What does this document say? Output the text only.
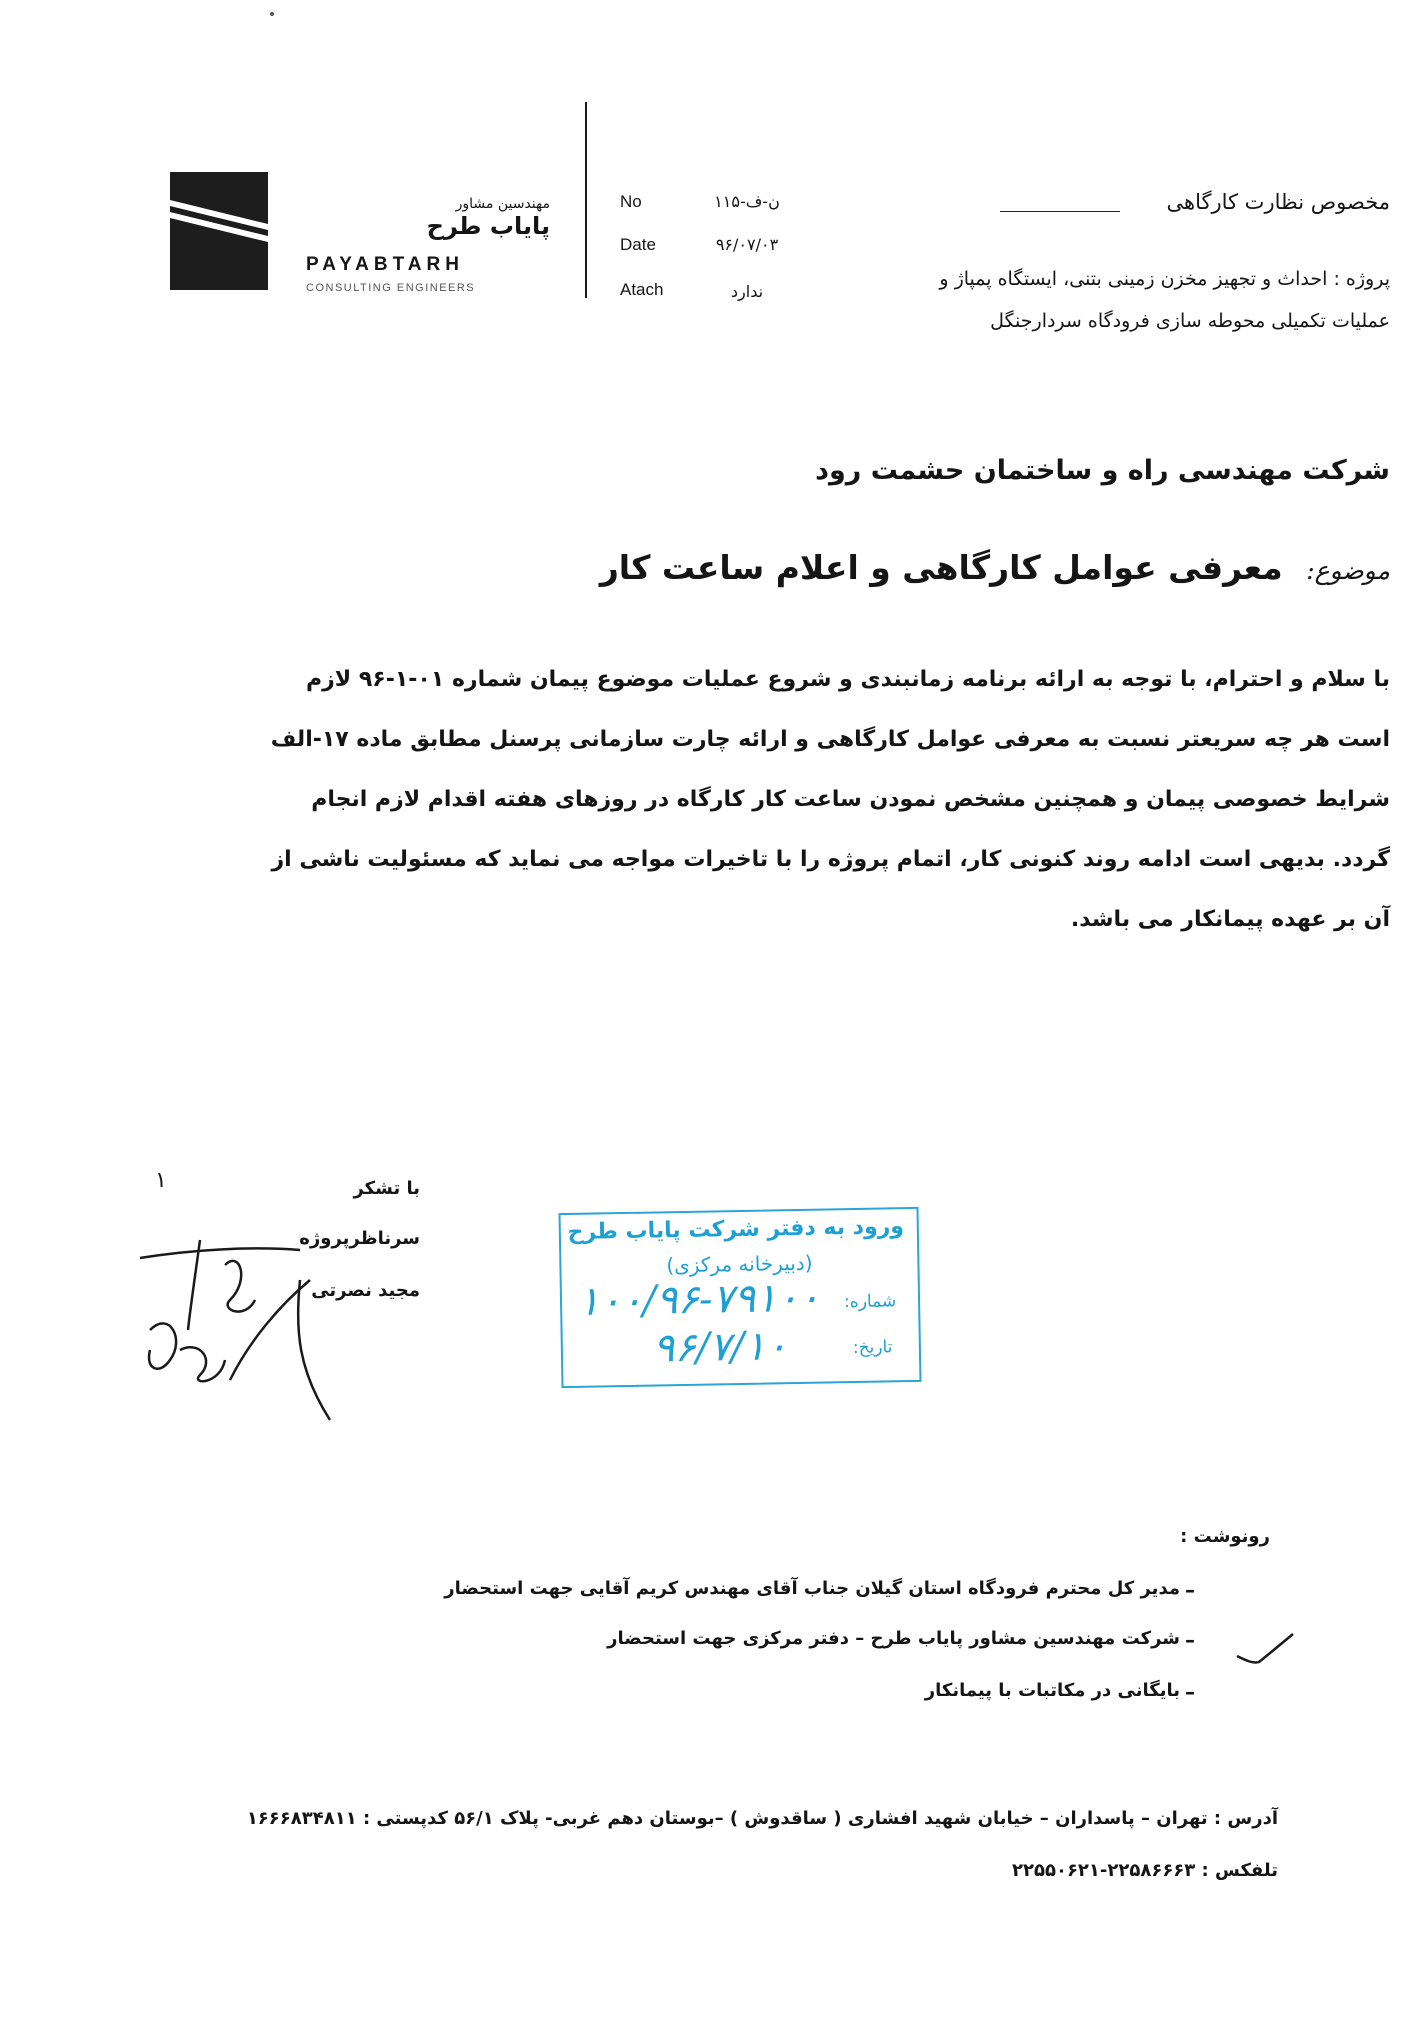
مهندسین مشاور
پایاب طرح
PAYABTARH
CONSULTING ENGINEERS
No	ن-ف-۱۱۵
Date	۹۶/۰۷/۰۳
Atach	ندارد
مخصوص نظارت کارگاهی
پروژه : احداث و تجهیز مخزن زمینی بتنی، ایستگاه پمپاژ و
عملیات تکمیلی محوطه سازی فرودگاه سردارجنگل
شرکت مهندسی راه و ساختمان حشمت رود
موضوع: معرفی عوامل کارگاهی و اعلام ساعت کار
با سلام و احترام، با توجه به ارائه برنامه زمانبندی و شروع عملیات موضوع پیمان شماره ۰۱-۱-۹۶ لازم
است هر چه سریعتر نسبت به معرفی عوامل کارگاهی و ارائه چارت سازمانی پرسنل مطابق ماده ۱۷-الف
شرایط خصوصی پیمان و همچنین مشخص نمودن ساعت کار کارگاه در روزهای هفته اقدام لازم انجام
گردد. بدیهی است ادامه روند کنونی کار، اتمام پروژه را با تاخیرات مواجه می نماید که مسئولیت ناشی از
آن بر عهده پیمانکار می باشد.
با تشکر
سرناظرپروژه
مجید نصرتی
۱
ورود به دفتر شرکت پایاب طرح
(دبیرخانه مرکزی)
شماره:
۱۰۰/۹۶-۷۹۱۰۰
تاریخ:
۹۶/۷/۱۰
رونوشت :
–
مدیر کل محترم فرودگاه استان گیلان جناب آقای مهندس کریم آقایی جهت استحضار
–
شرکت مهندسین مشاور پایاب طرح – دفتر مرکزی جهت استحضار
–
بایگانی در مکاتبات با پیمانکار
آدرس : تهران – پاسداران – خیابان شهید افشاری ( ساقدوش ) –بوستان دهم غربی- پلاک ۵۶/۱ کدپستی : ۱۶۶۶۸۳۴۸۱۱
تلفکس : ۲۲۵۸۶۶۶۳-۲۲۵۵۰۶۲۱
